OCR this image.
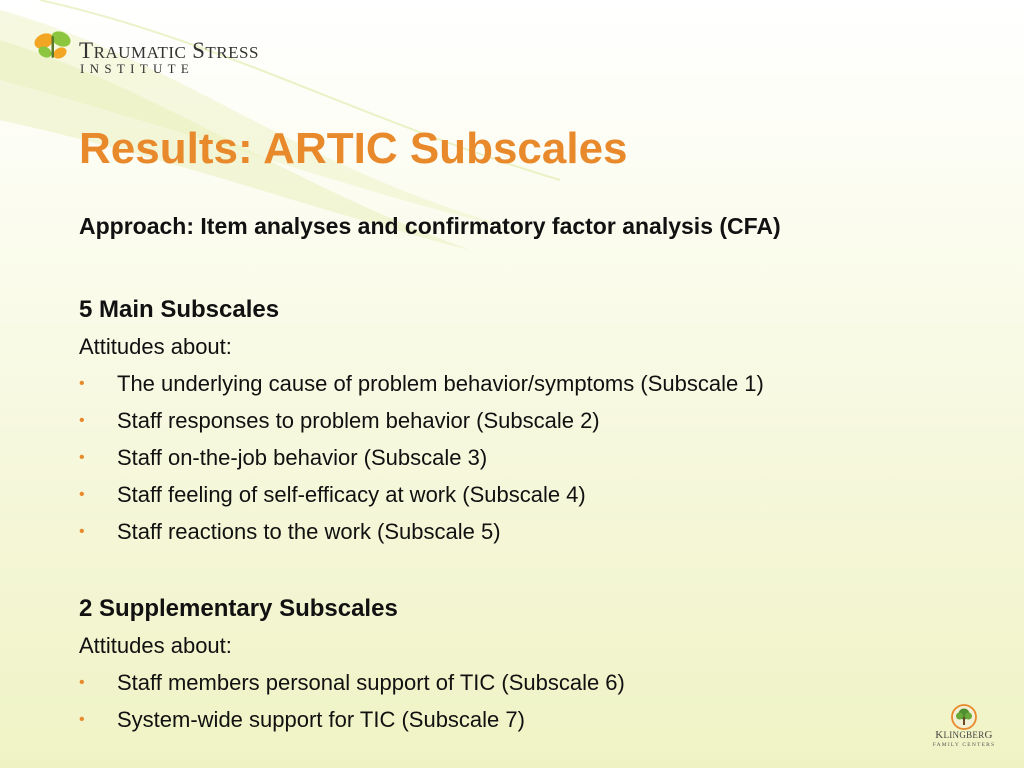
TRAUMATIC STRESS
INSTITUTE
Results: ARTIC Subscales

Approach: Item analyses and confirmatory factor analysis (CFA)

5 Main Subscales
Attitudes about:
• The underlying cause of problem behavior/symptoms (Subscale 1)
• Staff responses to problem behavior (Subscale 2)
• Staff on-the-job behavior (Subscale 3)
• Staff feeling of self-efficacy at work (Subscale 4)
• Staff reactions to the work (Subscale 5)
2 Supplementary Subscales
Attitudes about:
• Staff members personal support of TIC (Subscale 6)
• System-wide support for TIC (Subscale 7)
KLINGBERG
FAMILY CENTERS
